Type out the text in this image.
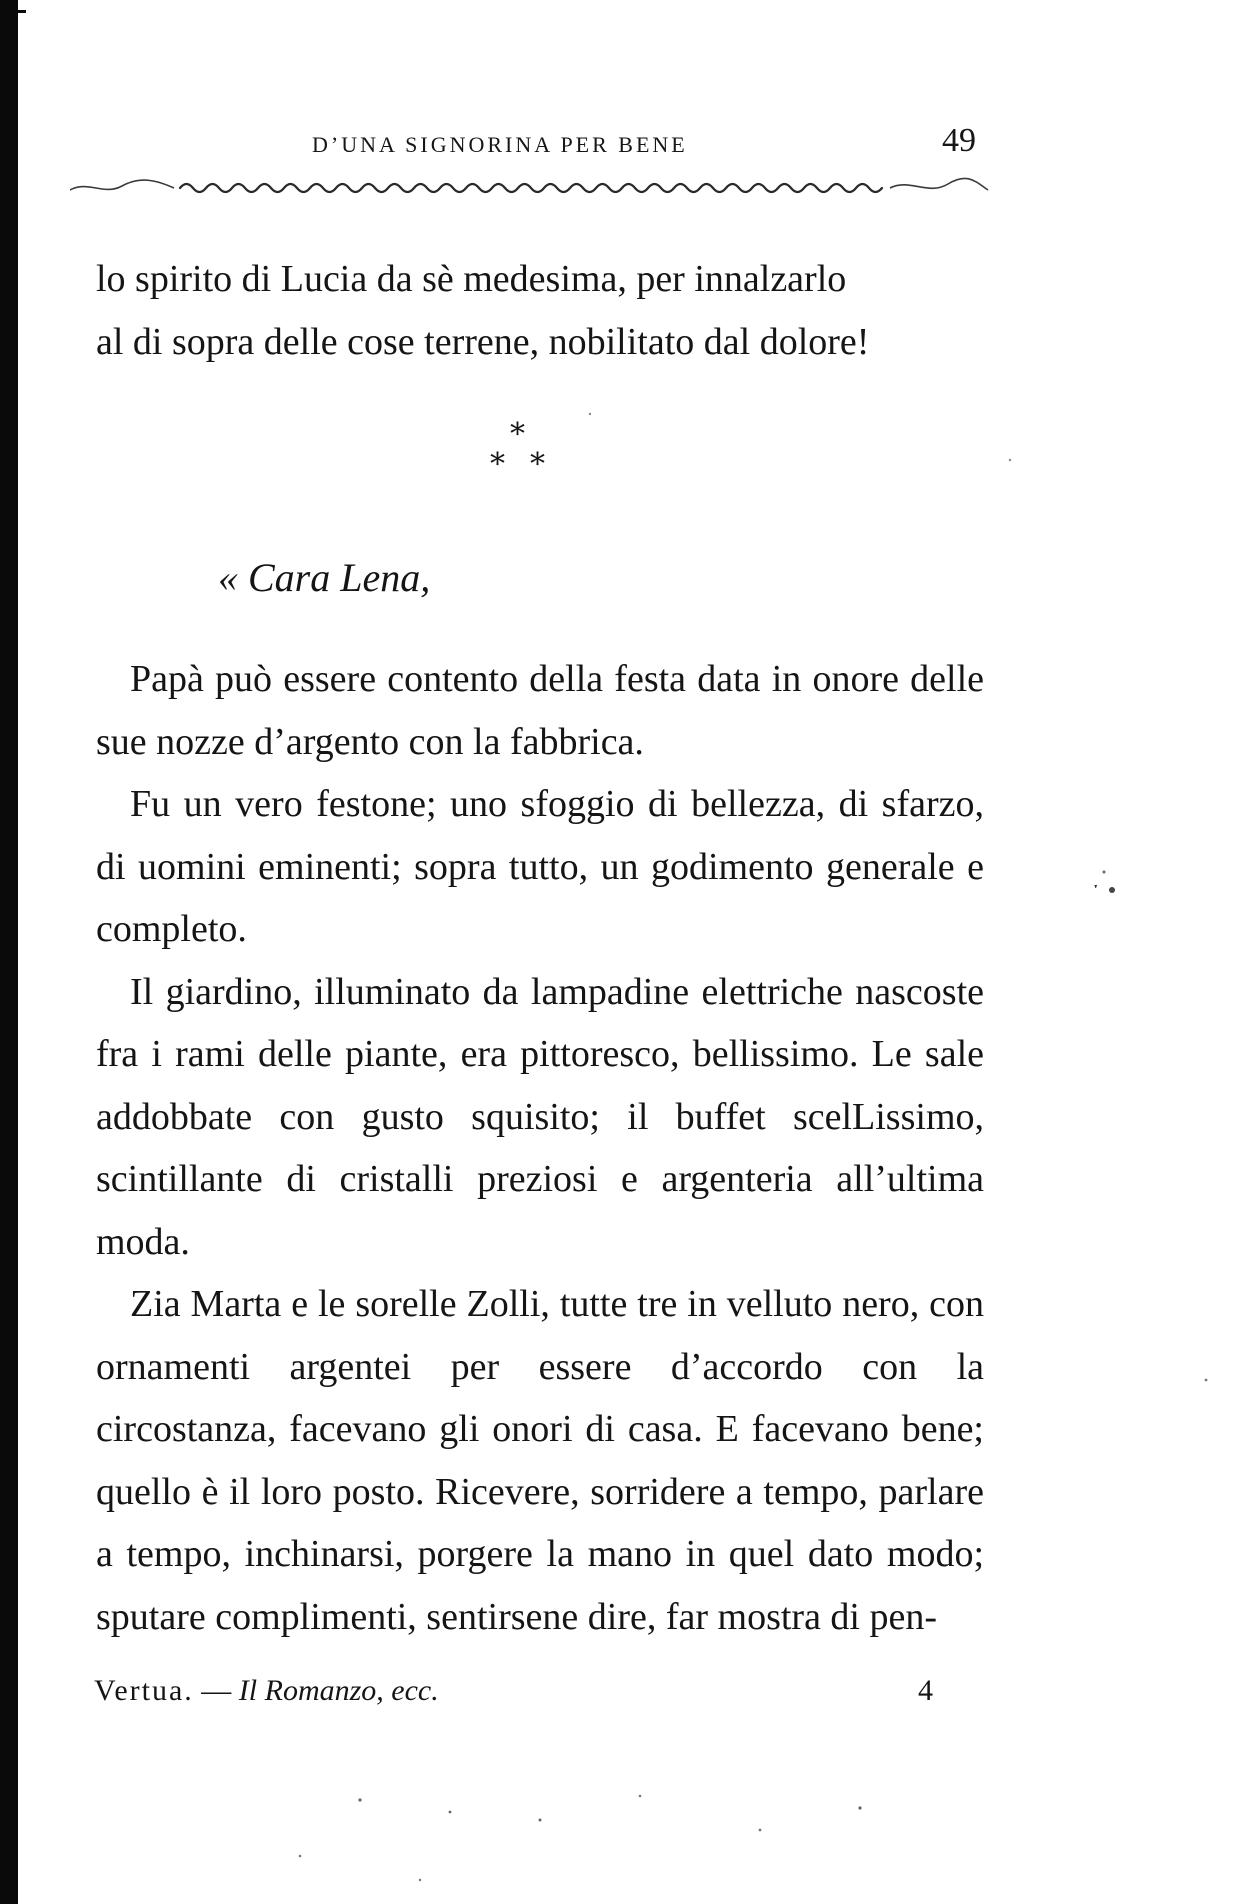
D’UNA SIGNORINA PER BENE	49
lo spirito di Lucia da sè medesima, per innalzarlo
al di sopra delle cose terrene, nobilitato dal dolore!
*
* *
« Cara Lena,

Papà può essere contento della festa data in onore delle sue nozze d’argento con la fabbrica.

Fu un vero festone; uno sfoggio di bellezza, di sfarzo, di uomini eminenti; sopra tutto, un godimento generale e completo.

Il giardino, illuminato da lampadine elettriche nascoste fra i rami delle piante, era pittoresco, bellissimo. Le sale addobbate con gusto squisito; il buffet scelLissimo, scintillante di cristalli preziosi e argenteria all’ultima moda.

Zia Marta e le sorelle Zolli, tutte tre in velluto nero, con ornamenti argentei per essere d’accordo con la circostanza, facevano gli onori di casa. E facevano bene; quello è il loro posto. Ricevere, sorridere a tempo, parlare a tempo, inchinarsi, porgere la mano in quel dato modo; sputare complimenti, sentirsene dire, far mostra di pen-

Vertua. — Il Romanzo, ecc.	4
ˑ
